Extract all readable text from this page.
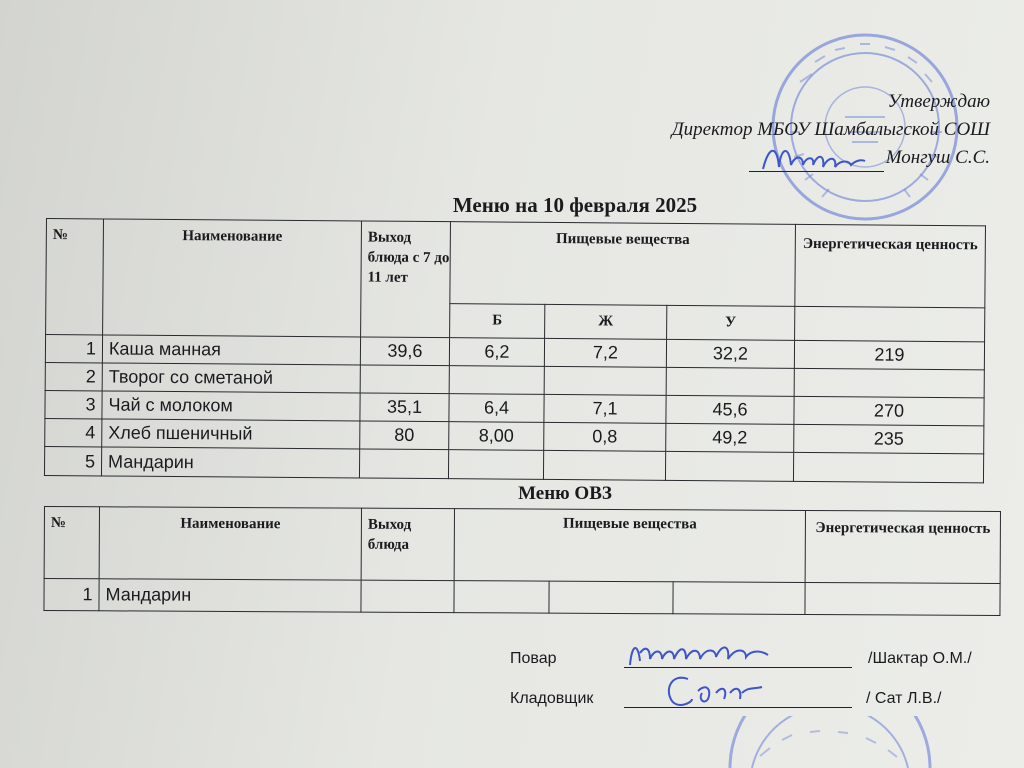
Утверждаю
Директор МБОУ Шамбалыгской СОШ
Монгуш С.С.
Меню на 10 февраля 2025
№	Наименование	Выход блюда с 7 до 11 лет	Пищевые вещества			Энергетическая ценность
			Б	Ж	У	
1	Каша манная	39,6	6,2	7,2	32,2	219
2	Творог со сметаной					
3	Чай с молоком	35,1	6,4	7,1	45,6	270
4	Хлеб пшеничный	80	8,00	0,8	49,2	235
5	Мандарин					
Меню ОВЗ
№	Наименование	Выход блюда	Пищевые вещества			Энергетическая ценность
1	Мандарин					
Повар	/Шактар О.М./
Кладовщик	/ Сат Л.В./
